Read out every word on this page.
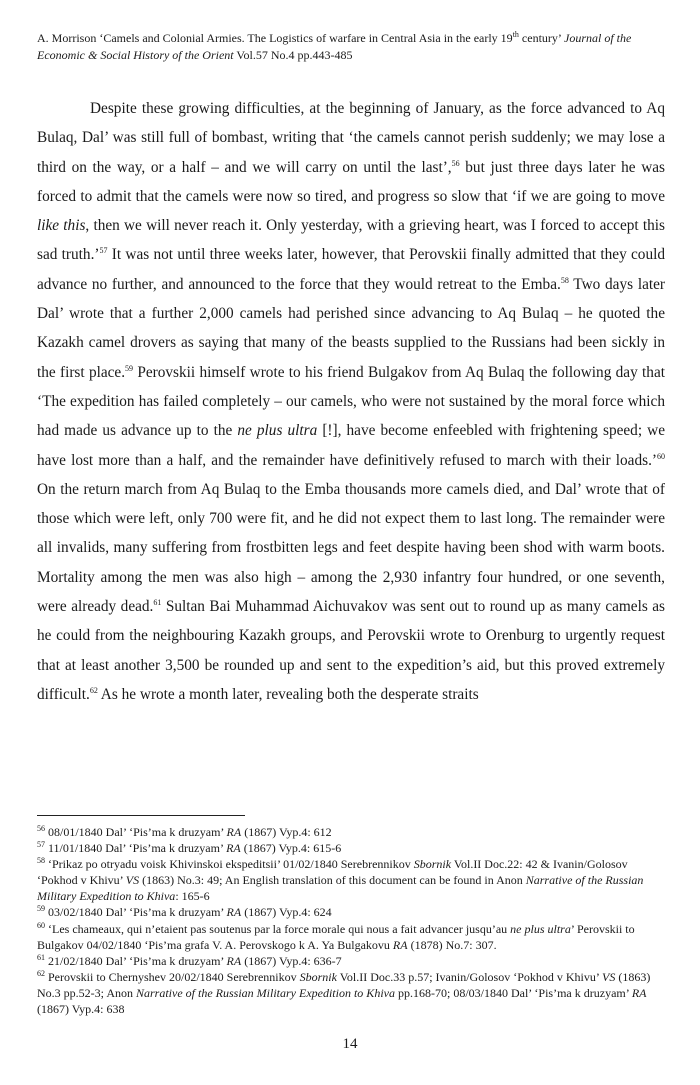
A. Morrison ‘Camels and Colonial Armies. The Logistics of warfare in Central Asia in the early 19th century’ Journal of the Economic & Social History of the Orient Vol.57 No.4 pp.443-485
Despite these growing difficulties, at the beginning of January, as the force advanced to Aq Bulaq, Dal’ was still full of bombast, writing that ‘the camels cannot perish suddenly; we may lose a third on the way, or a half – and we will carry on until the last’,$^{56}$ but just three days later he was forced to admit that the camels were now so tired, and progress so slow that ‘if we are going to move like this, then we will never reach it. Only yesterday, with a grieving heart, was I forced to accept this sad truth.’$^{57}$ It was not until three weeks later, however, that Perovskii finally admitted that they could advance no further, and announced to the force that they would retreat to the Emba.$^{58}$ Two days later Dal’ wrote that a further 2,000 camels had perished since advancing to Aq Bulaq – he quoted the Kazakh camel drovers as saying that many of the beasts supplied to the Russians had been sickly in the first place.$^{59}$ Perovskii himself wrote to his friend Bulgakov from Aq Bulaq the following day that ‘The expedition has failed completely – our camels, who were not sustained by the moral force which had made us advance up to the ne plus ultra [!], have become enfeebled with frightening speed; we have lost more than a half, and the remainder have definitively refused to march with their loads.’$^{60}$ On the return march from Aq Bulaq to the Emba thousands more camels died, and Dal’ wrote that of those which were left, only 700 were fit, and he did not expect them to last long. The remainder were all invalids, many suffering from frostbitten legs and feet despite having been shod with warm boots. Mortality among the men was also high – among the 2,930 infantry four hundred, or one seventh, were already dead.$^{61}$ Sultan Bai Muhammad Aichuvakov was sent out to round up as many camels as he could from the neighbouring Kazakh groups, and Perovskii wrote to Orenburg to urgently request that at least another 3,500 be rounded up and sent to the expedition’s aid, but this proved extremely difficult.$^{62}$ As he wrote a month later, revealing both the desperate straits

$^{56}$ 08/01/1840 Dal’ ‘Pis’ma k druzyam’ RA (1867) Vyp.4: 612

$^{57}$ 11/01/1840 Dal’ ‘Pis’ma k druzyam’ RA (1867) Vyp.4: 615-6

$^{58}$ ‘Prikaz po otryadu voisk Khivinskoi ekspeditsii’ 01/02/1840 Serebrennikov Sbornik Vol.II Doc.22: 42 & Ivanin/Golosov ‘Pokhod v Khivu’ VS (1863) No.3: 49; An English translation of this document can be found in Anon Narrative of the Russian Military Expedition to Khiva: 165-6

$^{59}$ 03/02/1840 Dal’ ‘Pis’ma k druzyam’ RA (1867) Vyp.4: 624

$^{60}$ ‘Les chameaux, qui n’etaient pas soutenus par la force morale qui nous a fait advancer jusqu’au ne plus ultra’ Perovskii to Bulgakov 04/02/1840 ‘Pis’ma grafa V. A. Perovskogo k A. Ya Bulgakovu RA (1878) No.7: 307.

$^{61}$ 21/02/1840 Dal’ ‘Pis’ma k druzyam’ RA (1867) Vyp.4: 636-7

$^{62}$ Perovskii to Chernyshev 20/02/1840 Serebrennikov Sbornik Vol.II Doc.33 p.57; Ivanin/Golosov ‘Pokhod v Khivu’ VS (1863) No.3 pp.52-3; Anon Narrative of the Russian Military Expedition to Khiva pp.168-70; 08/03/1840 Dal’ ‘Pis’ma k druzyam’ RA (1867) Vyp.4: 638

14
